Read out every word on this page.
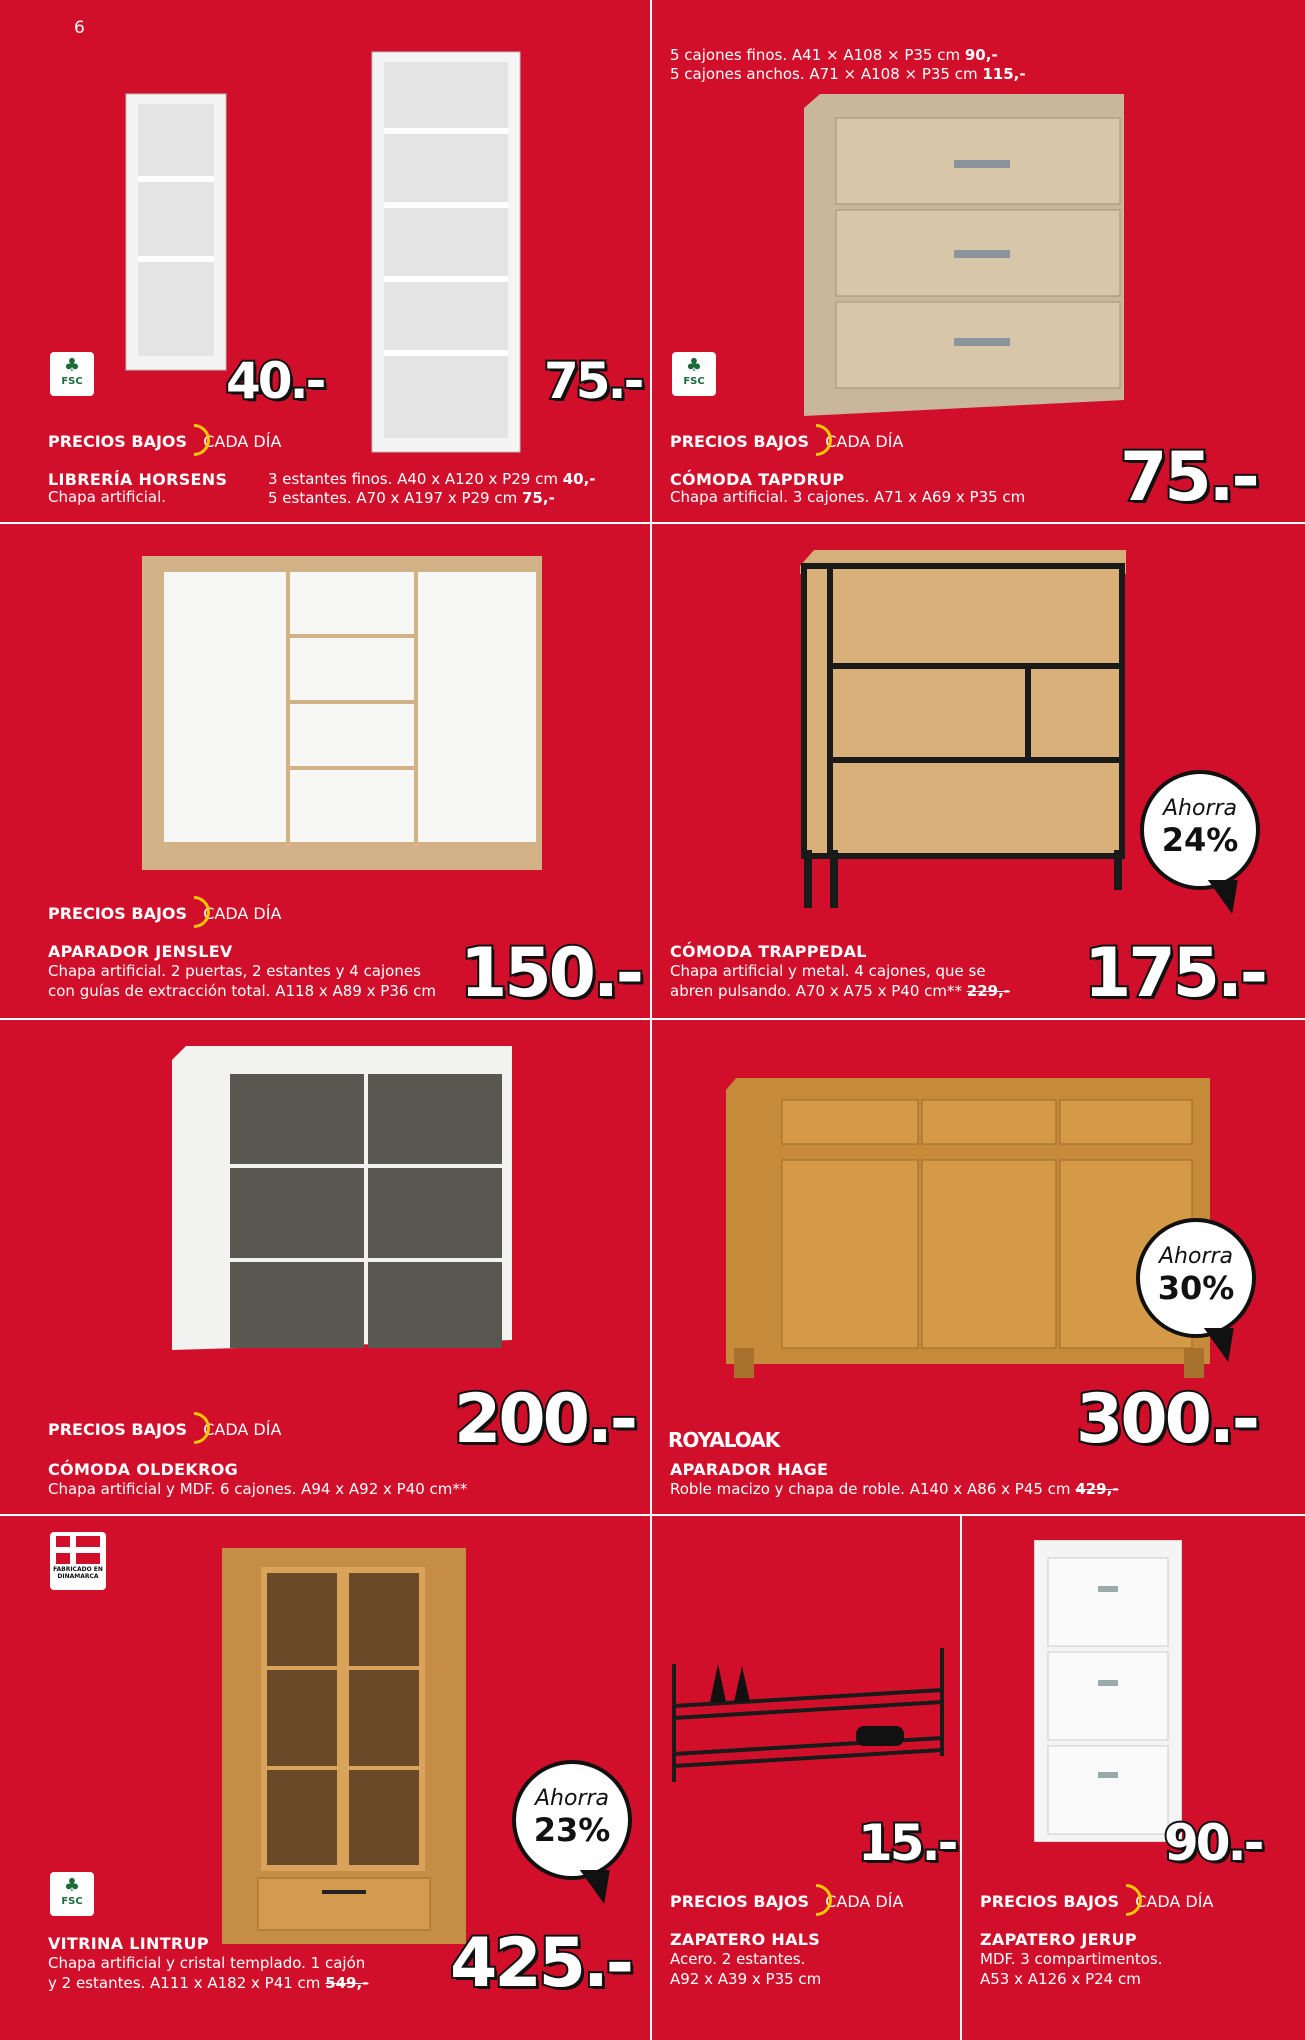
6
♣
FSC	40.-	75.-
PRECIOS BAJOS CADA DÍA
LIBRERÍA HORSENS
Chapa artificial.
3 estantes finos. A40 x A120 x P29 cm 40,-
5 estantes. A70 x A197 x P29 cm 75,-
5 cajones finos. A41 × A108 × P35 cm 90,-
5 cajones anchos. A71 × A108 × P35 cm 115,-
♣
FSC
PRECIOS BAJOS CADA DÍA
CÓMODA TAPDRUP
Chapa artificial. 3 cajones. A71 x A69 x P35 cm 75.-
PRECIOS BAJOS CADA DÍA
APARADOR JENSLEV
Chapa artificial. 2 puertas, 2 estantes y 4 cajones
con guías de extracción total. A118 x A89 x P36 cm 150.-
Ahorra
24%
CÓMODA TRAPPEDAL
Chapa artificial y metal. 4 cajones, que se
abren pulsando. A70 x A75 x P40 cm** 229,- 175.-
PRECIOS BAJOS CADA DÍA	200.-
CÓMODA OLDEKROG
Chapa artificial y MDF. 6 cajones. A94 x A92 x P40 cm**
Ahorra
30%
ROYALOAK	300.-
APARADOR HAGE
Roble macizo y chapa de roble. A140 x A86 x P45 cm 429,-
FABRICADO EN DINAMARCA
Ahorra
23%
♣
FSC
VITRINA LINTRUP
Chapa artificial y cristal templado. 1 cajón
y 2 estantes. A111 x A182 x P41 cm 549,- 425.-
15.-
PRECIOS BAJOS CADA DÍA
ZAPATERO HALS
Acero. 2 estantes.
A92 x A39 x P35 cm
90.-
PRECIOS BAJOS CADA DÍA
ZAPATERO JERUP
MDF. 3 compartimentos.
A53 x A126 x P24 cm
